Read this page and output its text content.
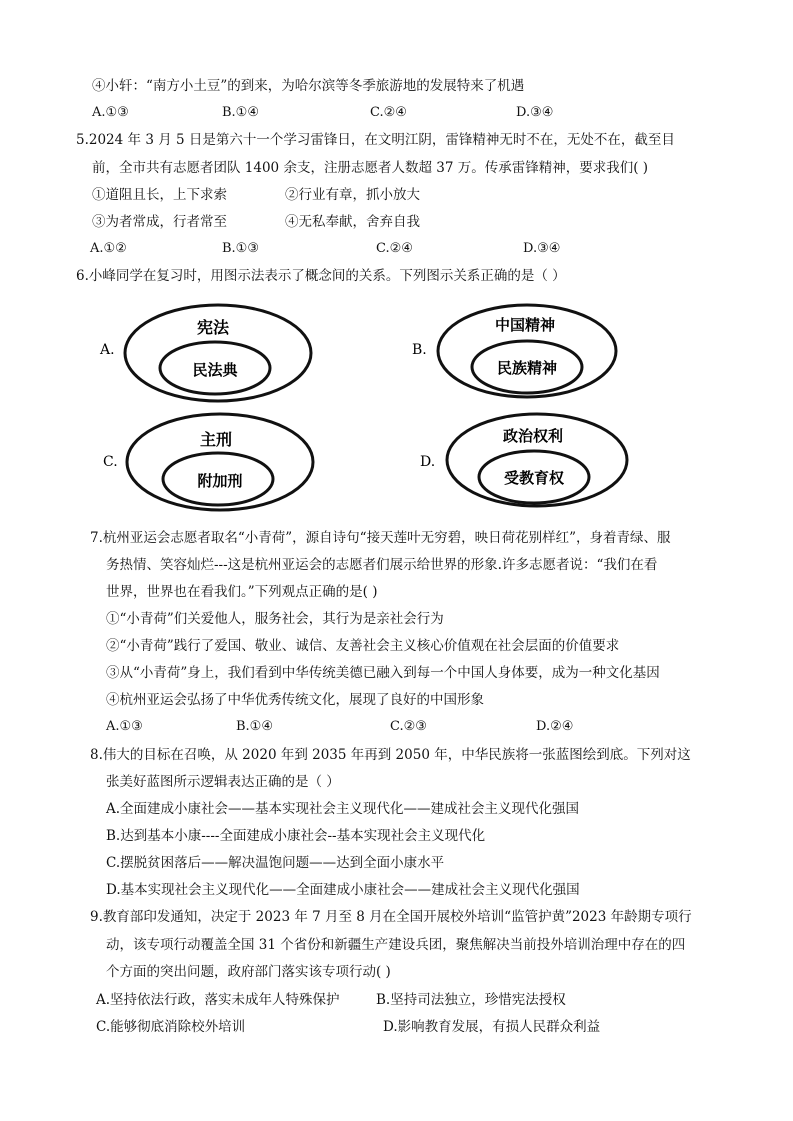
④小轩：“南方小土豆”的到来，为哈尔滨等冬季旅游地的发展特来了机遇
A.①③	B.①④	C.②④	D.③④
5.2024 年 3 月 5 日是第六十一个学习雷锋日，在文明江阴，雷锋精神无时不在，无处不在，截至目
前，全市共有志愿者团队 1400 余支，注册志愿者人数超 37 万。传承雷锋精神，要求我们( )
①道阻且长，上下求索	②行业有章，抓小放大
③为者常成，行者常至	④无私奉献，舍弃自我
A.①②	B.①③	C.②④	D.③④
6.小峰同学在复习时，用图示法表示了概念间的关系。下列图示关系正确的是（ ）
A.
宪法
民法典
B.
中国精神
民族精神
C.
主刑
附加刑
D.
政治权利
受教育权
7.杭州亚运会志愿者取名“小青荷”，源自诗句“接天莲叶无穷碧，映日荷花别样红”，身着青绿、服
务热情、笑容灿烂---这是杭州亚运会的志愿者们展示给世界的形象.许多志愿者说：“我们在看
世界，世界也在看我们。”下列观点正确的是( )
①“小青荷”们关爱他人，服务社会，其行为是亲社会行为
②“小青荷”践行了爱国、敬业、诚信、友善社会主义核心价值观在社会层面的价值要求
③从“小青荷”身上，我们看到中华传统美德已融入到每一个中国人身体要，成为一种文化基因
④杭州亚运会弘扬了中华优秀传统文化，展现了良好的中国形象
A.①③	B.①④	C.②③	D.②④
8.伟大的目标在召唤，从 2020 年到 2035 年再到 2050 年，中华民族将一张蓝图绘到底。下列对这
张美好蓝图所示逻辑表达正确的是（ ）
A.全面建成小康社会——基本实现社会主义现代化——建成社会主义现代化强国
B.达到基本小康----全面建成小康社会--基本实现社会主义现代化
C.摆脱贫困落后——解决温饱问题——达到全面小康水平
D.基本实现社会主义现代化——全面建成小康社会——建成社会主义现代化强国
9.教育部印发通知，决定于 2023 年 7 月至 8 月在全国开展校外培训“监管护黄”2023 年龄期专项行
动，该专项行动覆盖全国 31 个省份和新疆生产建设兵团，聚焦解决当前投外培训治理中存在的四
个方面的突出问题，政府部门落实该专项行动( )
A.坚持依法行政，落实未成年人特殊保护	B.坚持司法独立，珍惜宪法授权
C.能够彻底消除校外培训	D.影响教育发展，有损人民群众利益
